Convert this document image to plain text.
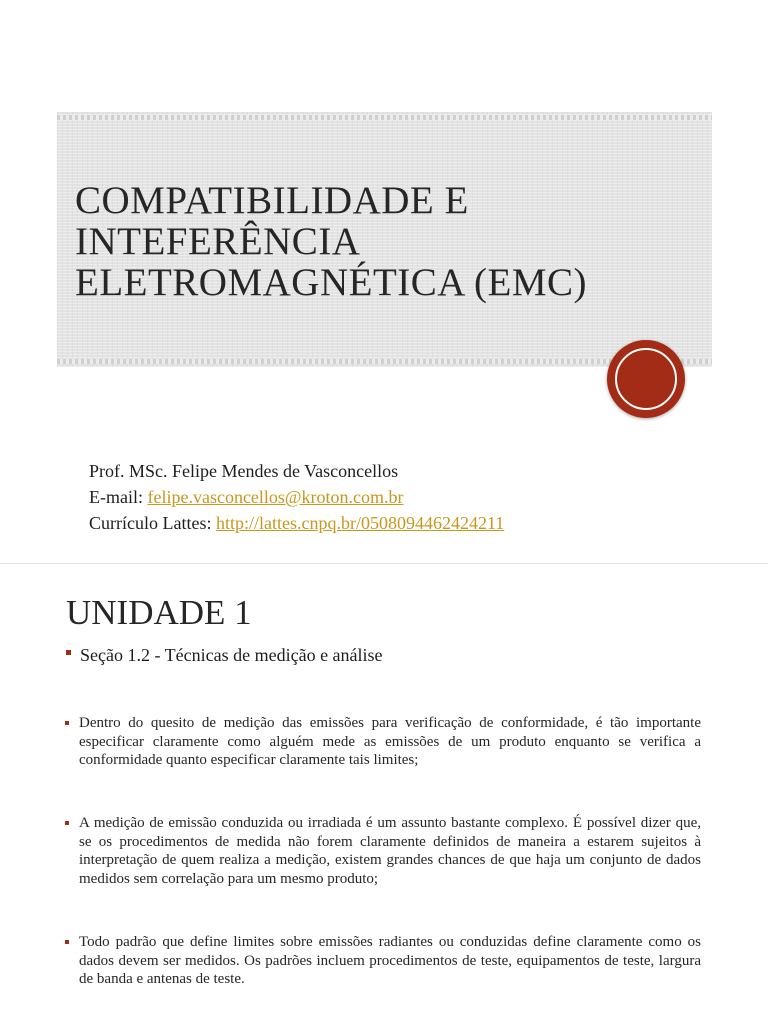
COMPATIBILIDADE E
INTEFERÊNCIA
ELETROMAGNÉTICA (EMC)
Prof. MSc. Felipe Mendes de Vasconcellos
E-mail: felipe.vasconcellos@kroton.com.br
Currículo Lattes: http://lattes.cnpq.br/0508094462424211
UNIDADE 1
Seção 1.2 - Técnicas de medição e análise
Dentro do quesito de medição das emissões para verificação de conformidade, é tão importante especificar claramente como alguém mede as emissões de um produto enquanto se verifica a conformidade quanto especificar claramente tais limites;
A medição de emissão conduzida ou irradiada é um assunto bastante complexo. É possível dizer que, se os procedimentos de medida não forem claramente definidos de maneira a estarem sujeitos à interpretação de quem realiza a medição, existem grandes chances de que haja um conjunto de dados medidos sem correlação para um mesmo produto;
Todo padrão que define limites sobre emissões radiantes ou conduzidas define claramente como os dados devem ser medidos. Os padrões incluem procedimentos de teste, equipamentos de teste, largura de banda e antenas de teste.
